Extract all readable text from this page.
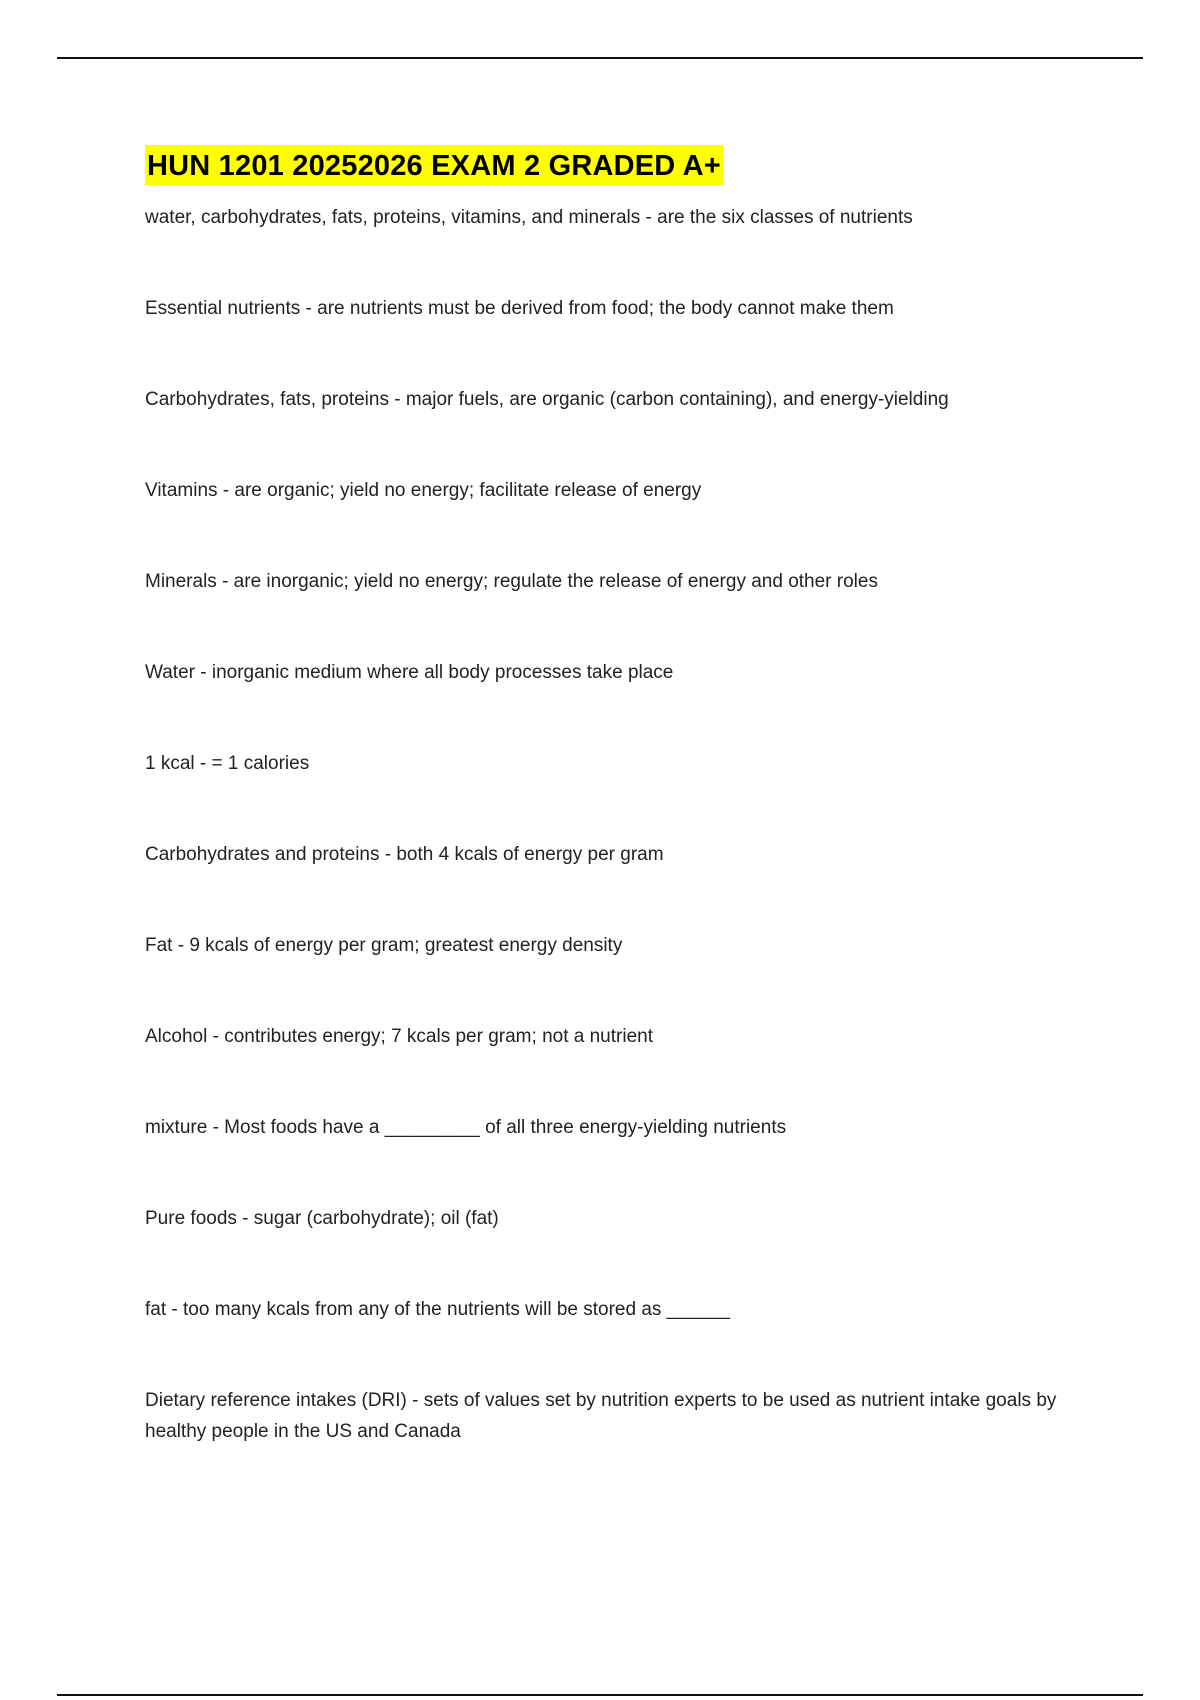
HUN 1201 20252026 EXAM 2 GRADED A+

water, carbohydrates, fats, proteins, vitamins, and minerals - are the six classes of nutrients

Essential nutrients - are nutrients must be derived from food; the body cannot make them

Carbohydrates, fats, proteins - major fuels, are organic (carbon containing), and energy-yielding

Vitamins - are organic; yield no energy; facilitate release of energy

Minerals - are inorganic; yield no energy; regulate the release of energy and other roles

Water - inorganic medium where all body processes take place

1 kcal - = 1 calories

Carbohydrates and proteins - both 4 kcals of energy per gram

Fat - 9 kcals of energy per gram; greatest energy density

Alcohol - contributes energy; 7 kcals per gram; not a nutrient

mixture - Most foods have a _________ of all three energy-yielding nutrients

Pure foods - sugar (carbohydrate); oil (fat)

fat - too many kcals from any of the nutrients will be stored as ______

Dietary reference intakes (DRI) - sets of values set by nutrition experts to be used as nutrient intake goals by healthy people in the US and Canada
